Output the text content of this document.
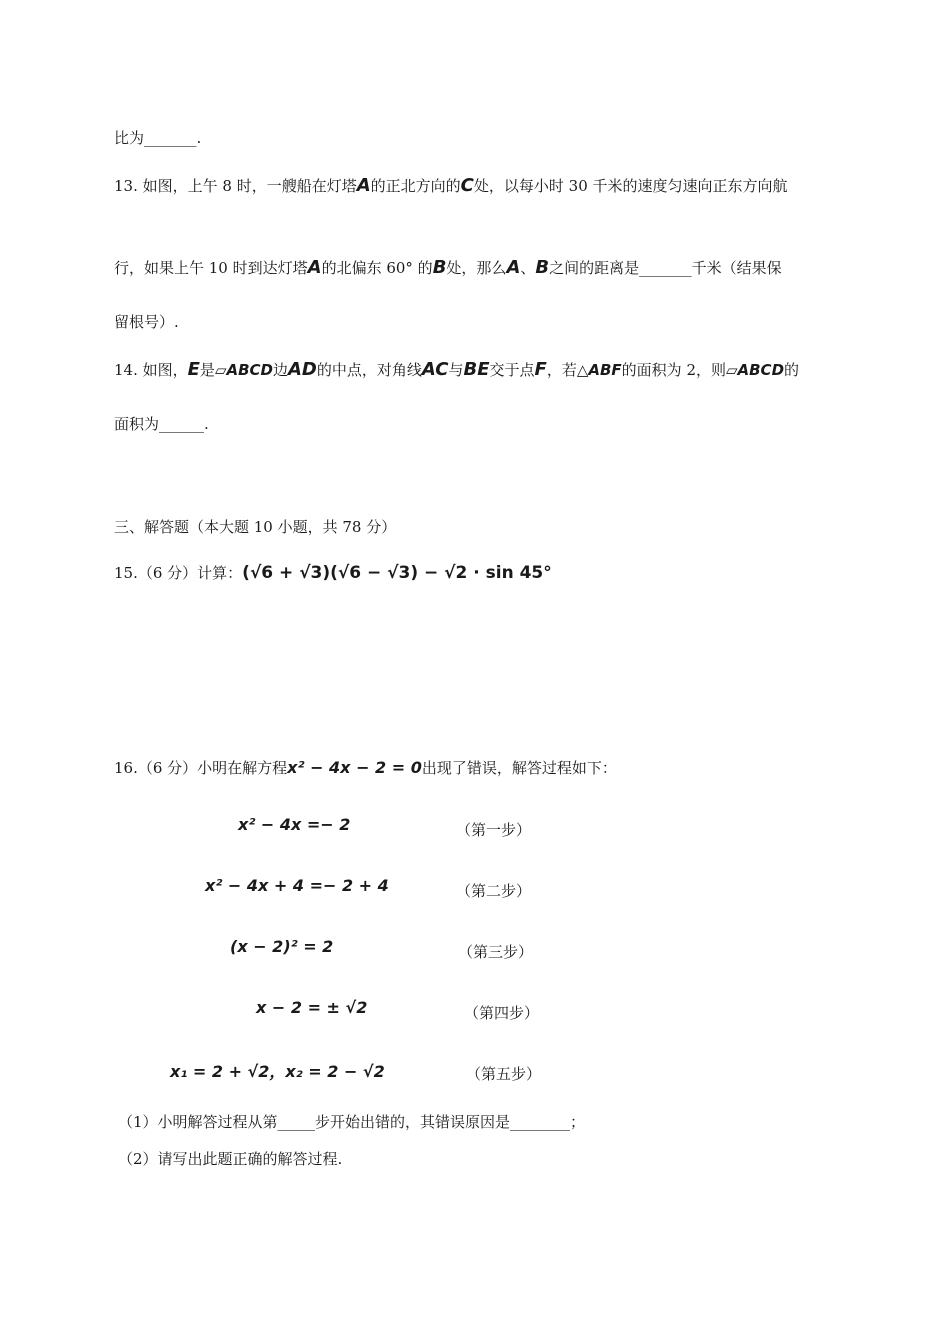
比为_______.
13. 如图，上午 8 时，一艘船在灯塔A的正北方向的C处，以每小时 30 千米的速度匀速向正东方向航
行，如果上午 10 时到达灯塔A的北偏东 60° 的B处，那么A、B之间的距离是_______千米（结果保
留根号）.
14. 如图，E是▱ABCD边AD的中点，对角线AC与BE交于点F，若△ABF的面积为 2，则▱ABCD的
面积为______.
三、解答题（本大题 10 小题，共 78 分）
15.（6 分）计算：(√6 + √3)(√6 − √3) − √2 · sin 45°
16.（6 分）小明在解方程x² − 4x − 2 = 0出现了错误，解答过程如下：
x² − 4x =− 2	（第一步）
x² − 4x + 4 =− 2 + 4	（第二步）
(x − 2)² = 2	（第三步）
x − 2 = ± √2	（第四步）
x₁ = 2 + √2，x₂ = 2 − √2	（第五步）
（1）小明解答过程从第_____步开始出错的，其错误原因是________；
（2）请写出此题正确的解答过程.
